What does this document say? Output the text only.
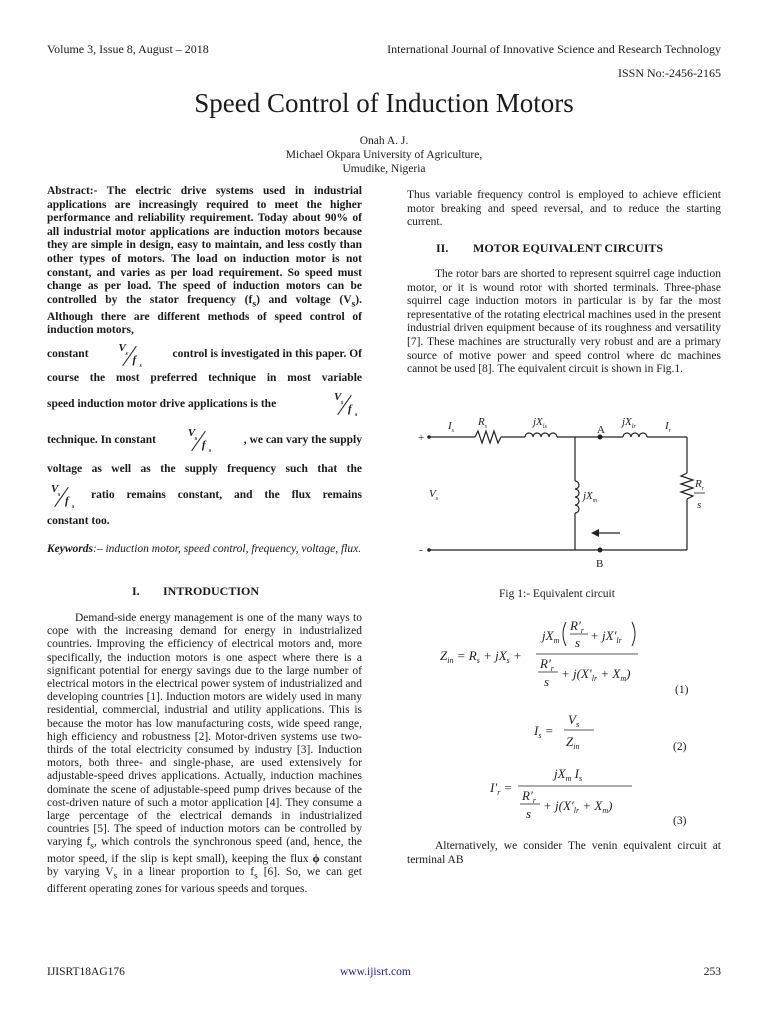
Volume 3, Issue 8, August – 2018	International Journal of Innovative Science and Research Technology
ISSN No:-2456-2165
Speed Control of Induction Motors
Onah A. J.
Michael Okpara University of Agriculture,
Umudike, Nigeria
Abstract:- The electric drive systems used in industrial applications are increasingly required to meet the higher performance and reliability requirement. Today about 90% of all industrial motor applications are induction motors because they are simple in design, easy to maintain, and less costly than other types of motors. The load on induction motor is not constant, and varies as per load requirement. So speed must change as per load. The speed of induction motors can be controlled by the stator frequency $(f_s)$ and voltage $(V_s)$. Although there are different methods of speed control of induction motors,
constant
V s f s
control is investigated in this paper. Of
course the most preferred technique in most variable
speed induction motor drive applications is the
V s f s
technique. In constant
V s f s
, we can vary the supply
voltage as well as the supply frequency such that the
V s f s
ratio remains constant, and the flux remains
constant too.
Keywords:– induction motor, speed control, frequency, voltage, flux.
I. INTRODUCTION
Demand-side energy management is one of the many ways to cope with the increasing demand for energy in industrialized countries. Improving the efficiency of electrical motors and, more specifically, the induction motors is one aspect where there is a significant potential for energy savings due to the large number of electrical motors in the electrical power system of industrialized and developing countries [1]. Induction motors are widely used in many residential, commercial, industrial and utility applications. This is because the motor has low manufacturing costs, wide speed range, high efficiency and robustness [2]. Motor-driven systems use two-thirds of the total electricity consumed by industry [3]. Induction motors, both three- and single-phase, are used extensively for adjustable-speed drives applications. Actually, induction machines dominate the scene of adjustable-speed pump drives because of the cost-driven nature of such a motor application [4]. They consume a large percentage of the electrical demands in industrialized countries [5]. The speed of induction motors can be controlled by varying $f_s$, which controls the synchronous speed (and, hence, the motor speed, if the slip is kept small), keeping the flux ϕ constant by varying $V_s$ in a linear proportion to $f_s$ [6]. So, we can get different operating zones for various speeds and torques.
Thus variable frequency control is employed to achieve efficient motor breaking and speed reversal, and to reduce the starting current.
II. MOTOR EQUIVALENT CIRCUITS
The rotor bars are shorted to represent squirrel cage induction motor, or it is wound rotor with shorted terminals. Three-phase squirrel cage induction motors in particular is by far the most representative of the rotating electrical machines used in the present industrial driven equipment because of its roughness and versatility [7]. These machines are structurally very robust and are a primary source of motive power and speed control where dc machines cannot be used [8]. The equivalent circuit is shown in Fig.1.
+
-
$V_s$
$I_s$
$R_s$	$jX_{ls}$	A
$jX_{lr}$	$I_r$
$jX_m$
$R_r$
s
B
Fig 1:- Equivalent circuit
$Z_{in} = R_s + jX_s$ +
$jX_m$
$R'_r$
$s + jX'_{lr}$
$R'_r$
s
+ $j(X'_{lr} + X_m)$
(1)
$I_s$ =
$V_s$
$Z_{in}$	(2)
$I'_r$ =
$jX_m$ $I_s$
$R'_r$
s
+ $j(X'_{lr} + X_m)$
(3)
Alternatively, we consider The venin equivalent circuit at terminal AB
IJISRT18AG176	www.ijisrt.com	253
